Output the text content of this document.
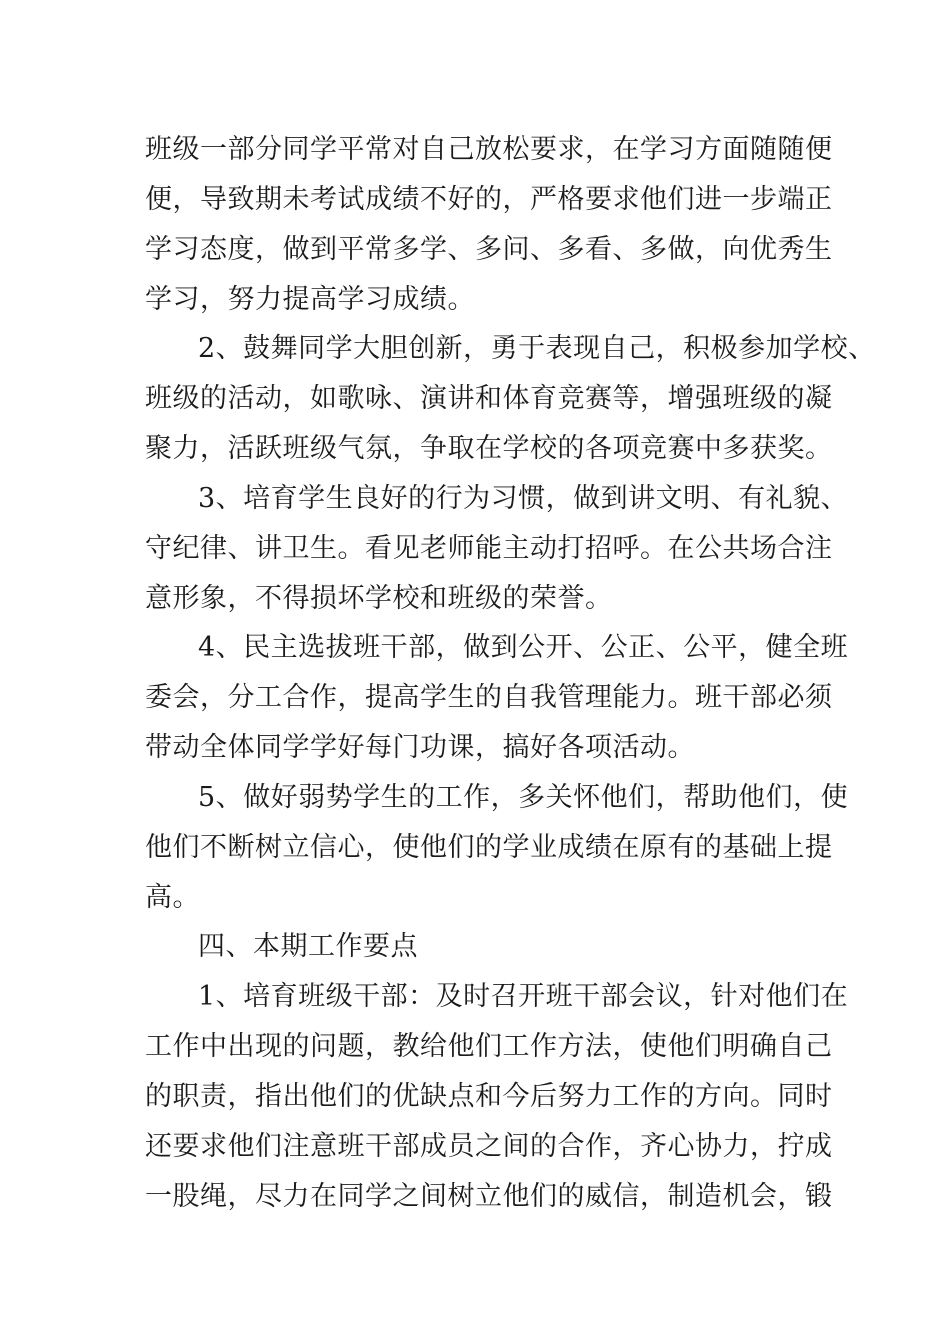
班级一部分同学平常对自己放松要求，在学习方面随随便
便，导致期未考试成绩不好的，严格要求他们进一步端正
学习态度，做到平常多学、多问、多看、多做，向优秀生
学习，努力提高学习成绩。
2、鼓舞同学大胆创新，勇于表现自己，积极参加学校、
班级的活动，如歌咏、演讲和体育竞赛等，增强班级的凝
聚力，活跃班级气氛，争取在学校的各项竞赛中多获奖。
3、培育学生良好的行为习惯，做到讲文明、有礼貌、
守纪律、讲卫生。看见老师能主动打招呼。在公共场合注
意形象，不得损坏学校和班级的荣誉。
4、民主选拔班干部，做到公开、公正、公平，健全班
委会，分工合作，提高学生的自我管理能力。班干部必须
带动全体同学学好每门功课，搞好各项活动。
5、做好弱势学生的工作，多关怀他们，帮助他们，使
他们不断树立信心，使他们的学业成绩在原有的基础上提
高。
四、本期工作要点
1、培育班级干部：及时召开班干部会议，针对他们在
工作中出现的问题，教给他们工作方法，使他们明确自己
的职责，指出他们的优缺点和今后努力工作的方向。同时
还要求他们注意班干部成员之间的合作，齐心协力，拧成
一股绳，尽力在同学之间树立他们的威信，制造机会，锻
